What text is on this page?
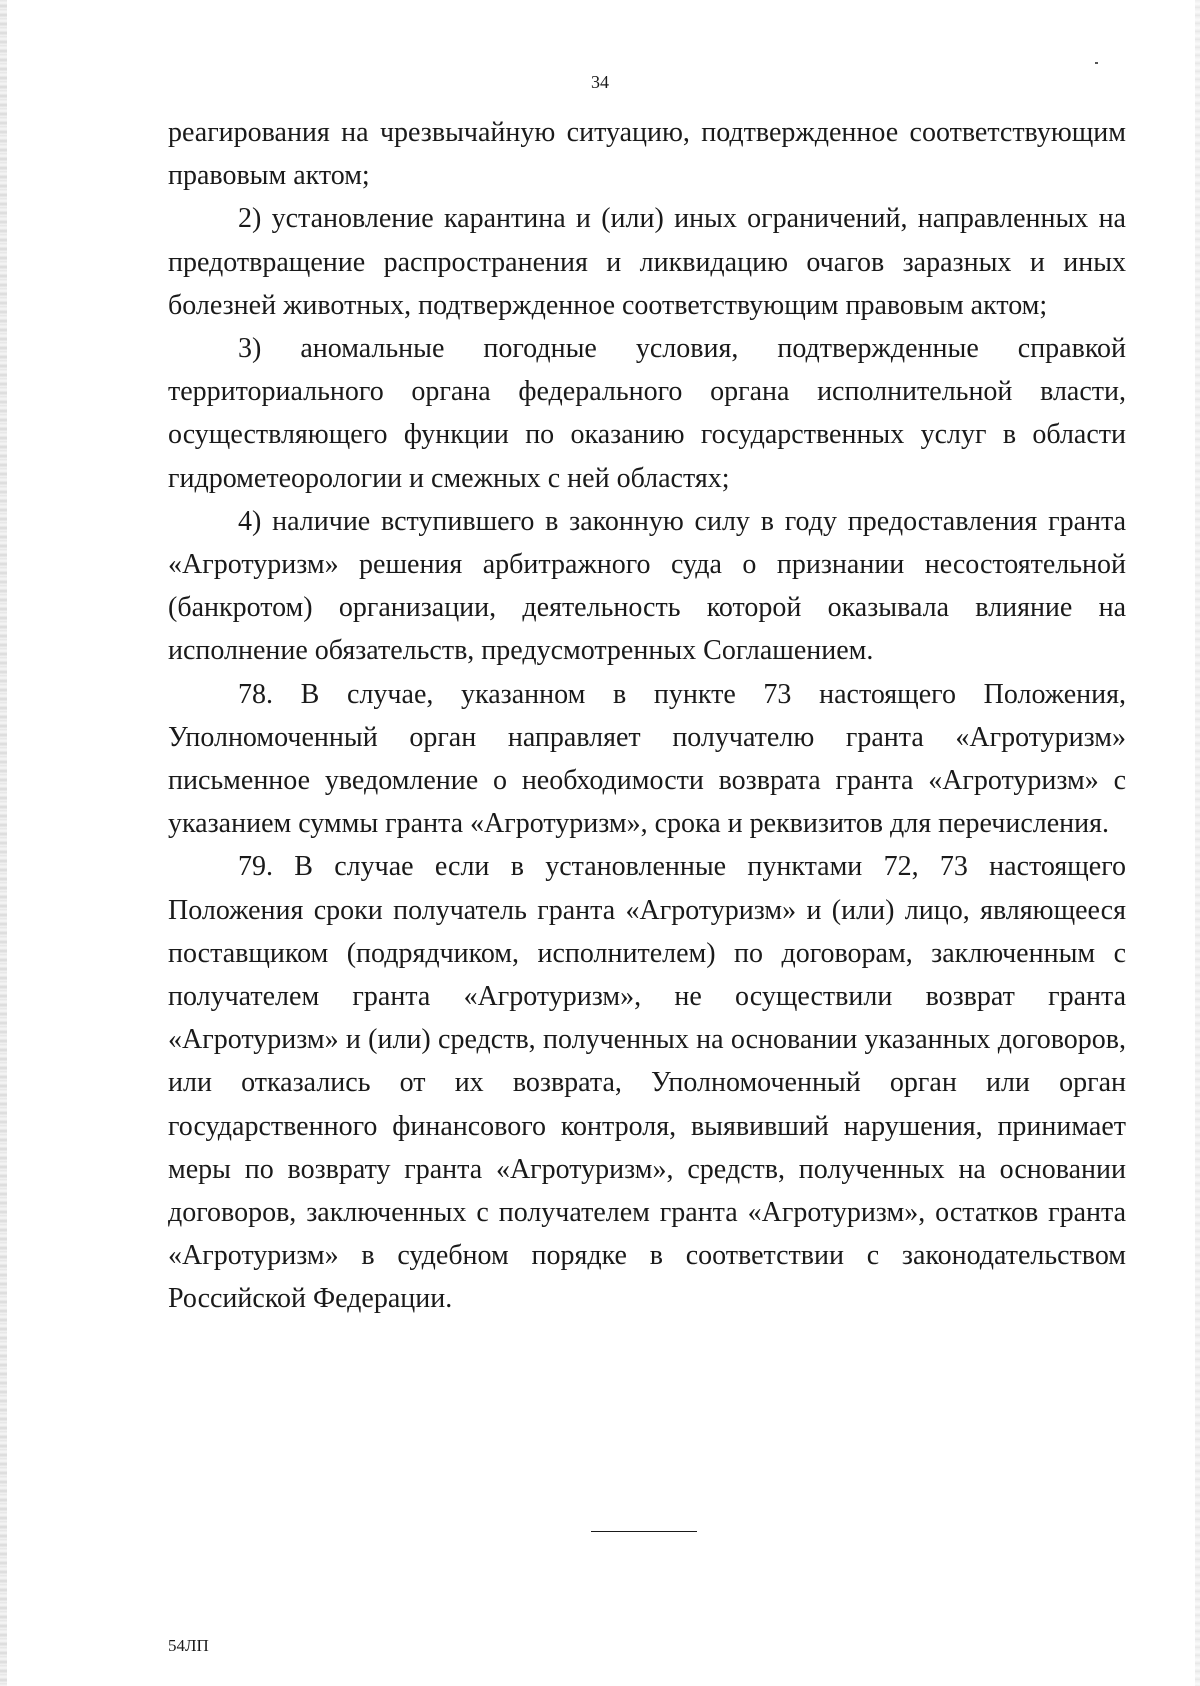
34

реагирования на чрезвычайную ситуацию, подтвержденное соответствующим правовым актом;

2) установление карантина и (или) иных ограничений, направленных на предотвращение распространения и ликвидацию очагов заразных и иных болезней животных, подтвержденное соответствующим правовым актом;

3) аномальные погодные условия, подтвержденные справкой территориального органа федерального органа исполнительной власти, осуществляющего функции по оказанию государственных услуг в области гидрометеорологии и смежных с ней областях;

4) наличие вступившего в законную силу в году предоставления гранта «Агротуризм» решения арбитражного суда о признании несостоятельной (банкротом) организации, деятельность которой оказывала влияние на исполнение обязательств, предусмотренных Соглашением.

78. В случае, указанном в пункте 73 настоящего Положения, Уполномоченный орган направляет получателю гранта «Агротуризм» письменное уведомление о необходимости возврата гранта «Агротуризм» с указанием суммы гранта «Агротуризм», срока и реквизитов для перечисления.

79. В случае если в установленные пунктами 72, 73 настоящего Положения сроки получатель гранта «Агротуризм» и (или) лицо, являющееся поставщиком (подрядчиком, исполнителем) по договорам, заключенным с получателем гранта «Агротуризм», не осуществили возврат гранта «Агротуризм» и (или) средств, полученных на основании указанных договоров, или отказались от их возврата, Уполномоченный орган или орган государственного финансового контроля, выявивший нарушения, принимает меры по возврату гранта «Агротуризм», средств, полученных на основании договоров, заключенных с получателем гранта «Агротуризм», остатков гранта «Агротуризм» в судебном порядке в соответствии с законодательством Российской Федерации.

54ЛП
